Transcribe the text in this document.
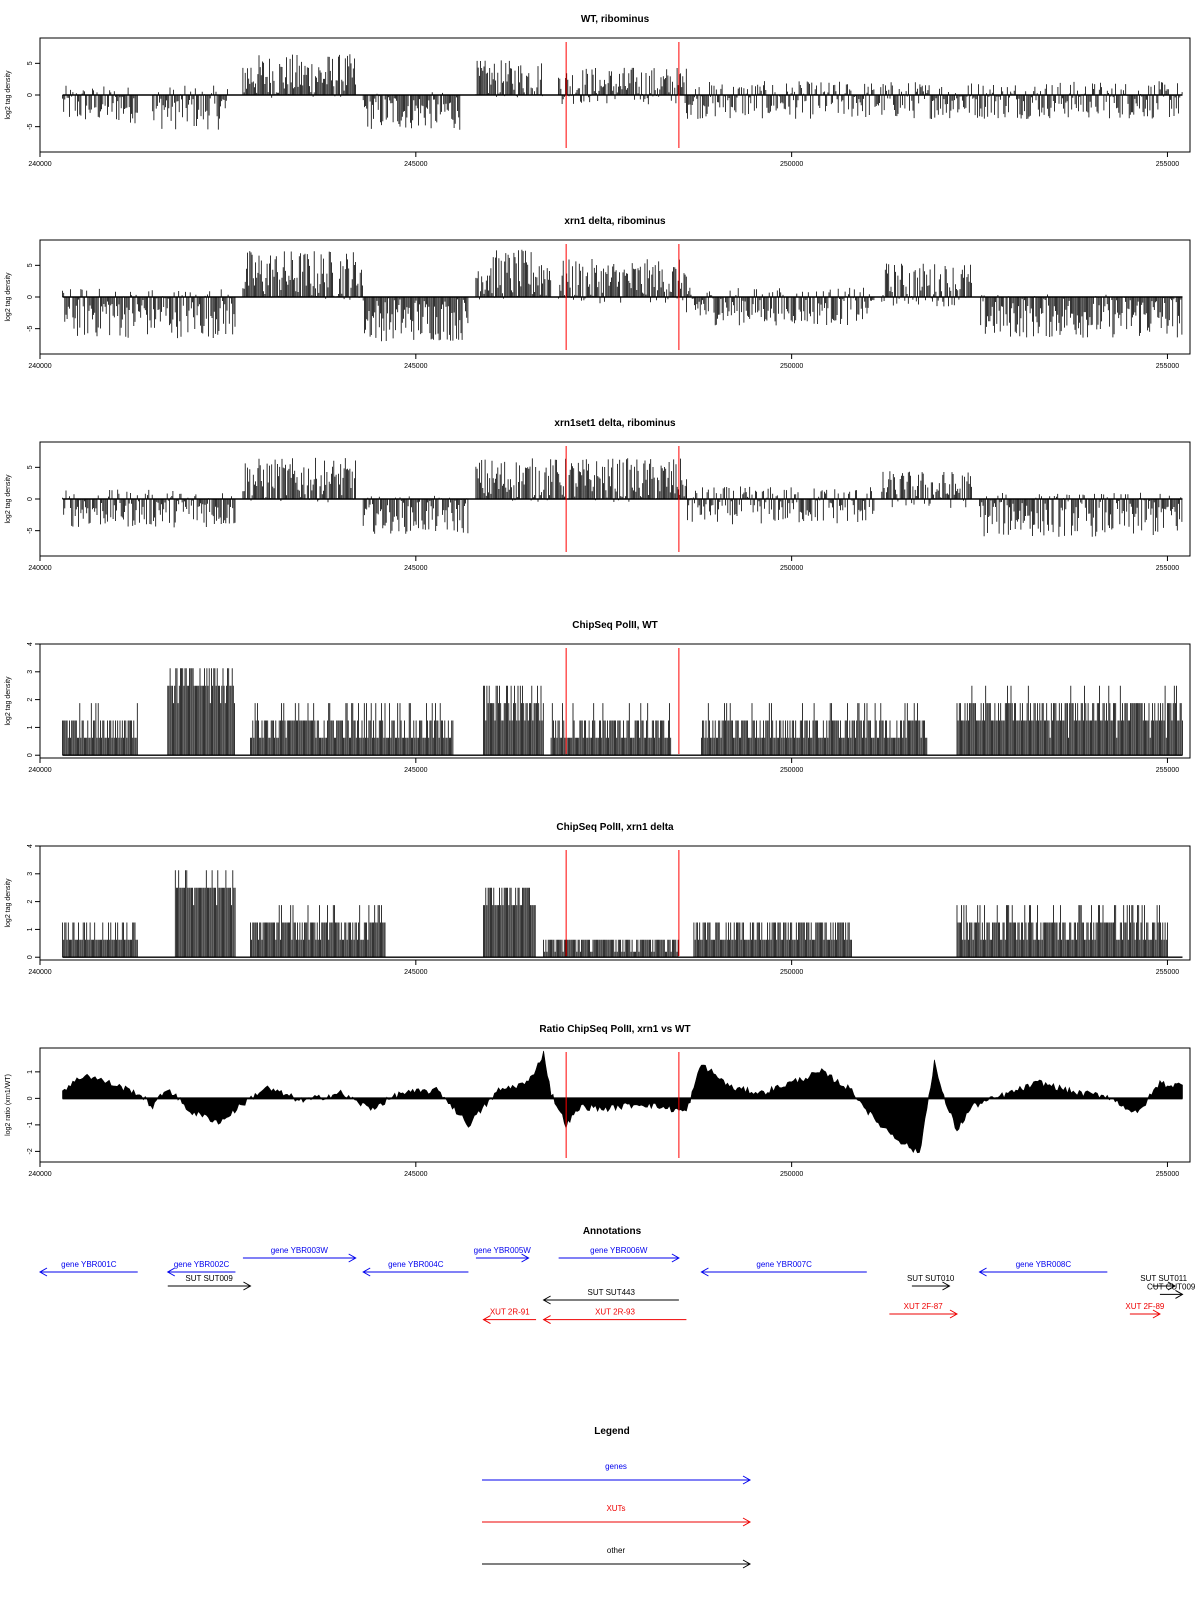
WT, ribominus
log2 tag density
-5
0
5
240000	245000	250000	255000
xrn1 delta, ribominus
log2 tag density
-5
0
5
240000	245000	250000	255000
xrn1set1 delta, ribominus
log2 tag density
-5
0
5
240000	245000	250000	255000
ChipSeq PolII, WT
log2 tag density
0
1
2
3
4
240000	245000	250000	255000
ChipSeq PolII, xrn1 delta
log2 tag density
0
1
2
3
4
240000	245000	250000	255000
Ratio ChipSeq PolII, xrn1 vs WT
log2 ratio (xrn1/WT)
-2
-1
0
1
240000	245000	250000	255000
Annotations
gene YBR001C	gene YBR002C
gene YBR003W
gene YBR004C
gene YBR005W	gene YBR006W
gene YBR007C	gene YBR008C
SUT SUT009
SUT SUT443
SUT SUT010	SUT SUT011
CUT CUT009
XUT 2R-91	XUT 2R-93
XUT 2F-87	XUT 2F-89
Legend
genes
XUTs
other
